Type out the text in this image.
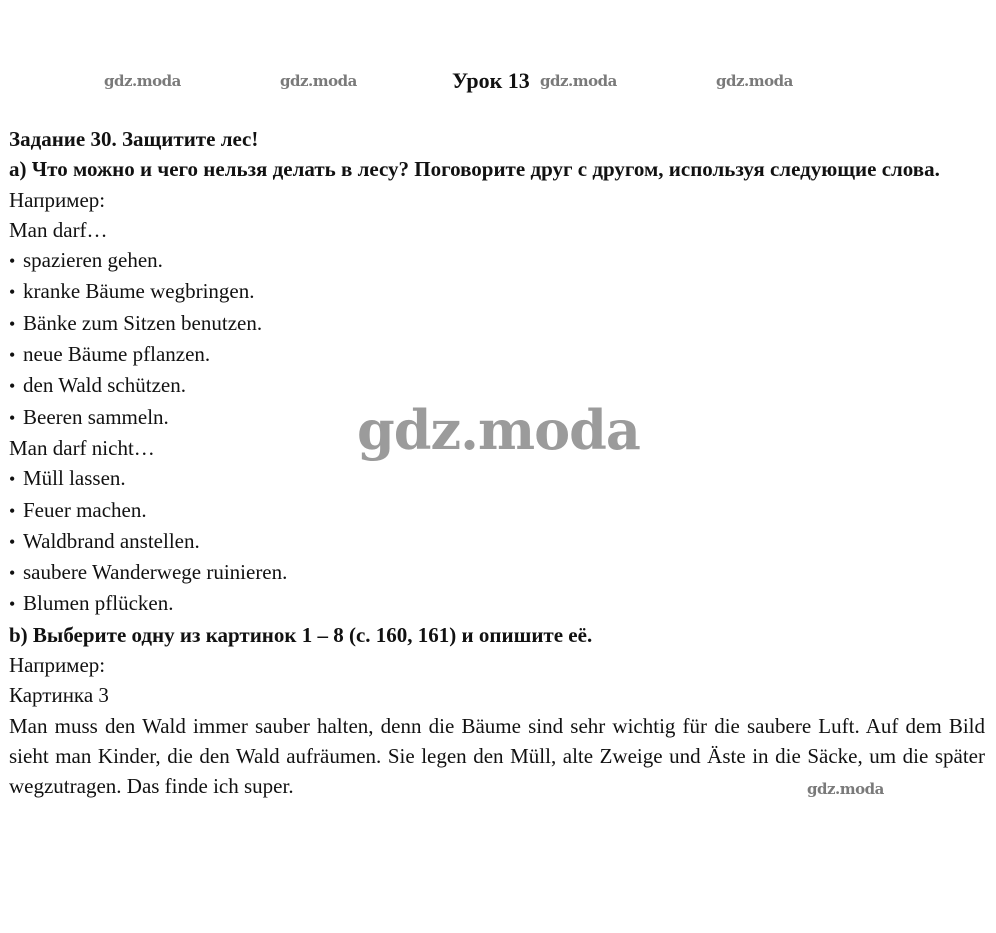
gdz.moda	gdz.moda	gdz.moda	gdz.moda
gdz.moda
Урок 13
Задание 30. Защитите лес!
а) Что можно и чего нельзя делать в лесу? Поговорите друг с другом, используя следующие слова.
Например:
Man darf…
• spazieren gehen.
• kranke Bäume wegbringen.
• Bänke zum Sitzen benutzen.
• neue Bäume pflanzen.
• den Wald schützen.
• Beeren sammeln.
Man darf nicht…
• Müll lassen.
• Feuer machen.
• Waldbrand anstellen.
• saubere Wanderwege ruinieren.
• Blumen pflücken.
b) Выберите одну из картинок 1 – 8 (с. 160, 161) и опишите её.
Например:
Картинка 3
Man muss den Wald immer sauber halten, denn die Bäume sind sehr wichtig für die saubere Luft. Auf dem Bild sieht man Kinder, die den Wald aufräumen. Sie legen den Müll, alte Zweige und Äste in die Säcke, um die später wegzutragen. Das finde ich super.
gdz.moda
